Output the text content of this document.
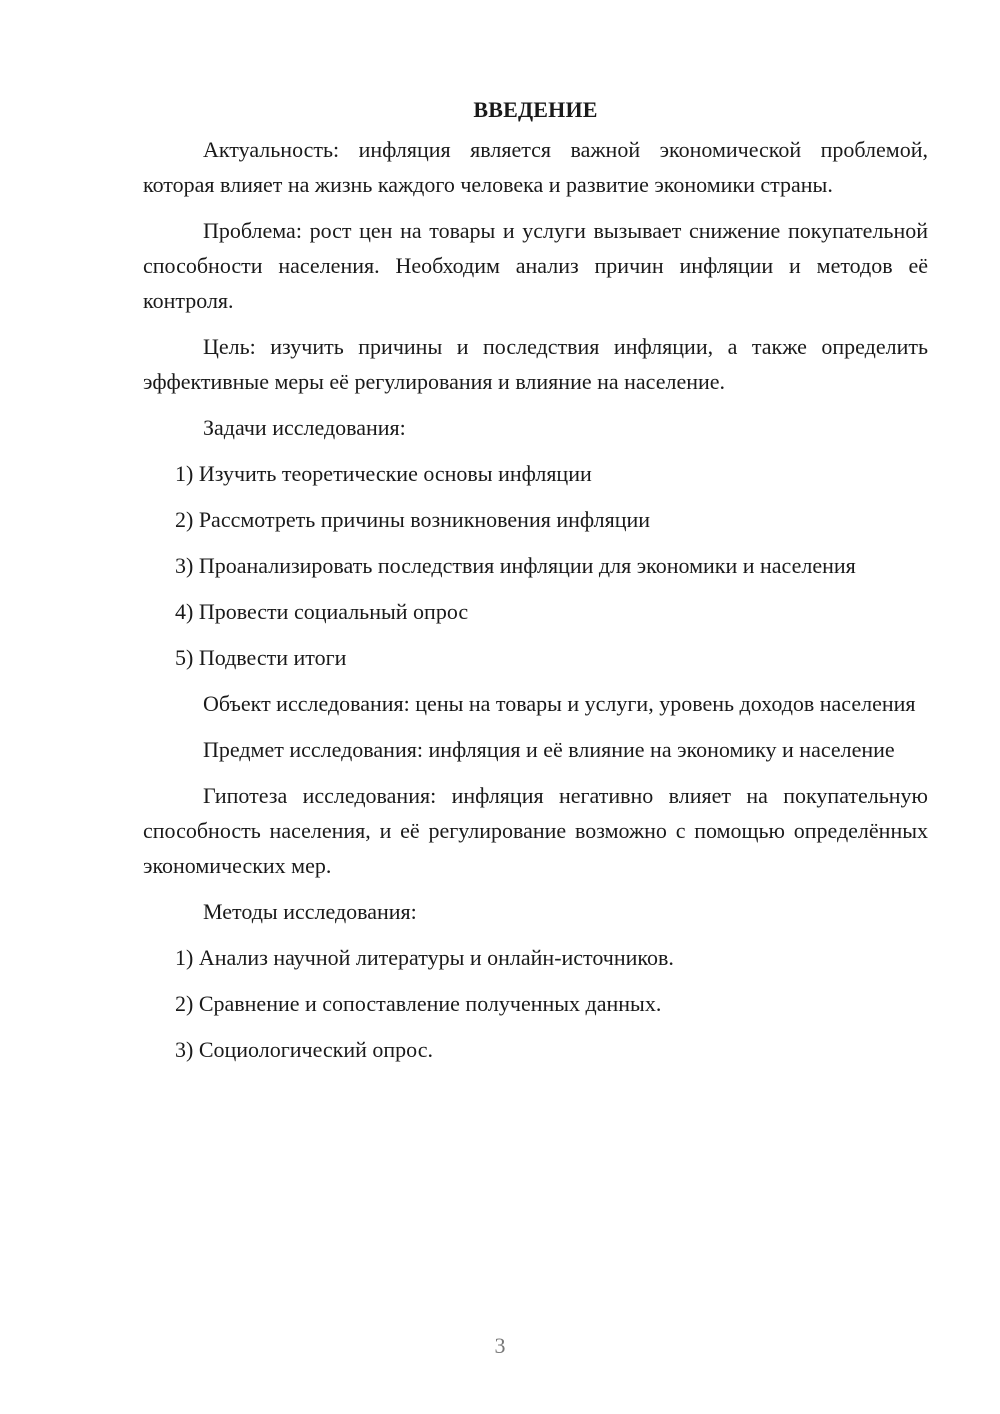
ВВЕДЕНИЕ

Актуальность: инфляция является важной экономической проблемой, которая влияет на жизнь каждого человека и развитие экономики страны.

Проблема: рост цен на товары и услуги вызывает снижение покупательной способности населения. Необходим анализ причин инфляции и методов её контроля.

Цель: изучить причины и последствия инфляции, а также определить эффективные меры её регулирования и влияние на население.

Задачи исследования:

1) Изучить теоретические основы инфляции

2) Рассмотреть причины возникновения инфляции

3) Проанализировать последствия инфляции для экономики и населения

4) Провести социальный опрос

5) Подвести итоги

Объект исследования: цены на товары и услуги, уровень доходов населения

Предмет исследования: инфляция и её влияние на экономику и население

Гипотеза исследования: инфляция негативно влияет на покупательную способность населения, и её регулирование возможно с помощью определённых экономических мер.

Методы исследования:

1) Анализ научной литературы и онлайн-источников.

2) Сравнение и сопоставление полученных данных.

3) Социологический опрос.

3
